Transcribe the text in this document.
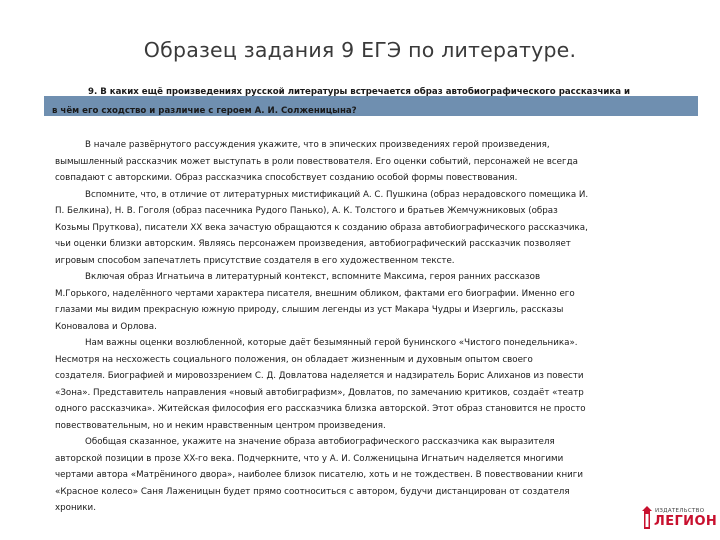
Образец задания 9 ЕГЭ по литературе.
9. В каких ещё произведениях русской литературы встречается образ автобиографического рассказчика и
в чём его сходство и различие с героем А. И. Солженицына?
В начале развёрнутого рассуждения укажите, что в эпических произведениях герой произведения,
вымышленный рассказчик может выступать в роли повествователя. Его оценки событий, персонажей не всегда
совпадают с авторскими. Образ рассказчика способствует созданию особой формы повествования.
Вспомните, что, в отличие от литературных мистификаций А. С. Пушкина (образ нерадовского помещика И.
П. Белкина), Н. В. Гоголя (образ пасечника Рудого Панько), А. К. Толстого и братьев Жемчужниковых (образ
Козьмы Пруткова), писатели XX века зачастую обращаются к созданию образа автобиографического рассказчика,
чьи оценки близки авторским. Являясь персонажем произведения, автобиографический рассказчик позволяет
игровым способом запечатлеть присутствие создателя в его художественном тексте.
Включая образ Игнатьича в литературный контекст, вспомните Максима, героя ранних рассказов
М.Горького, наделённого чертами характера писателя, внешним обликом, фактами его биографии. Именно его
глазами мы видим прекрасную южную природу, слышим легенды из уст Макара Чудры и Изергиль, рассказы
Коновалова и Орлова.
Нам важны оценки возлюбленной, которые даёт безымянный герой бунинского «Чистого понедельника».
Несмотря на несхожесть социального положения, он обладает жизненным и духовным опытом своего
создателя. Биографией и мировоззрением С. Д. Довлатова наделяется и надзиратель Борис Алиханов из повести
«Зона». Представитель направления «новый автобиграфизм», Довлатов, по замечанию критиков, создаёт «театр
одного рассказчика». Житейская философия его рассказчика близка авторской. Этот образ становится не просто
повествовательным, но и неким нравственным центром произведения.
Обобщая сказанное, укажите на значение образа автобиографического рассказчика как выразителя
авторской позиции в прозе XX-го века. Подчеркните, что у А. И. Солженицына Игнатьич наделяется многими
чертами автора «Матрёниного двора», наиболее близок писателю, хоть и не тождествен. В повествовании книги
«Красное колесо» Саня Лаженицын будет прямо соотноситься с автором, будучи дистанцирован от создателя
хроники.	ИЗДАТЕЛЬСТВО
ЛЕГИОН
